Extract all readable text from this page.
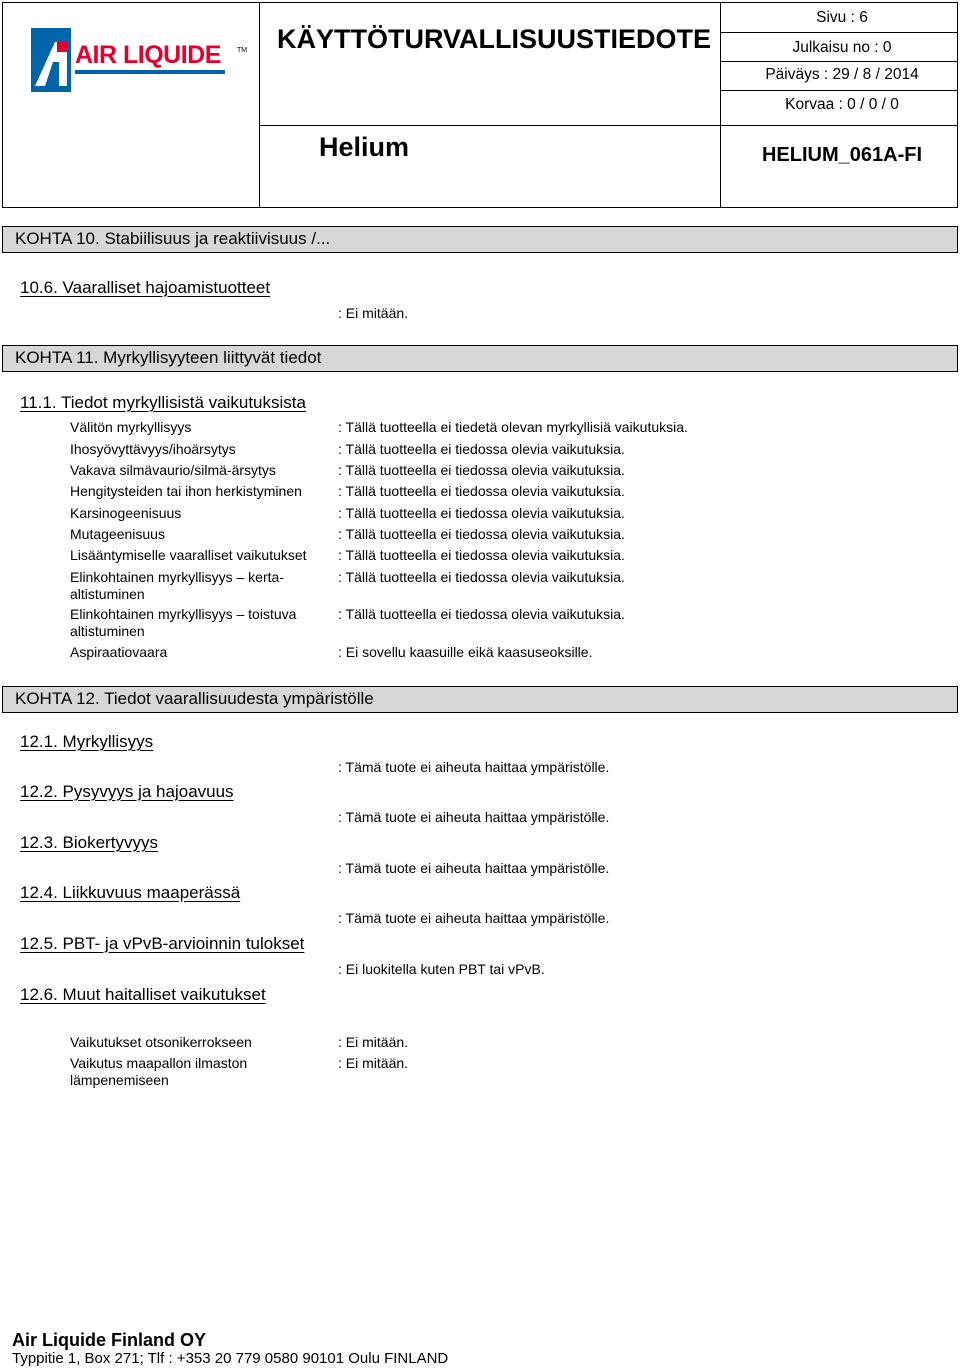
AIR LIQUIDE	TM KÄYTTÖTURVALLISUUSTIEDOTE
Helium
Sivu : 6
Julkaisu no : 0
Päiväys : 29 / 8 / 2014
Korvaa : 0 / 0 / 0
HELIUM_061A-FI
KOHTA 10. Stabiilisuus ja reaktiivisuus /...
10.6. Vaaralliset hajoamistuotteet
: Ei mitään.
KOHTA 11. Myrkyllisyyteen liittyvät tiedot
11.1. Tiedot myrkyllisistä vaikutuksista
Välitön myrkyllisyys	: Tällä tuotteella ei tiedetä olevan myrkyllisiä vaikutuksia.
Ihosyövyttävyys/ihoärsytys	: Tällä tuotteella ei tiedossa olevia vaikutuksia.
Vakava silmävaurio/silmä-ärsytys	: Tällä tuotteella ei tiedossa olevia vaikutuksia.
Hengitysteiden tai ihon herkistyminen	: Tällä tuotteella ei tiedossa olevia vaikutuksia.
Karsinogeenisuus	: Tällä tuotteella ei tiedossa olevia vaikutuksia.
Mutageenisuus	: Tällä tuotteella ei tiedossa olevia vaikutuksia.
Lisääntymiselle vaaralliset vaikutukset	: Tällä tuotteella ei tiedossa olevia vaikutuksia.
Elinkohtainen myrkyllisyys – kerta-altistuminen
: Tällä tuotteella ei tiedossa olevia vaikutuksia.
Elinkohtainen myrkyllisyys – toistuva altistuminen
: Tällä tuotteella ei tiedossa olevia vaikutuksia.
Aspiraatiovaara	: Ei sovellu kaasuille eikä kaasuseoksille.
KOHTA 12. Tiedot vaarallisuudesta ympäristölle
12.1. Myrkyllisyys
: Tämä tuote ei aiheuta haittaa ympäristölle.
12.2. Pysyvyys ja hajoavuus
: Tämä tuote ei aiheuta haittaa ympäristölle.
12.3. Biokertyvyys
: Tämä tuote ei aiheuta haittaa ympäristölle.
12.4. Liikkuvuus maaperässä
: Tämä tuote ei aiheuta haittaa ympäristölle.
12.5. PBT- ja vPvB-arvioinnin tulokset
: Ei luokitella kuten PBT tai vPvB.
12.6. Muut haitalliset vaikutukset
Vaikutukset otsonikerrokseen	: Ei mitään.
Vaikutus maapallon ilmaston lämpenemiseen
: Ei mitään.
Air Liquide Finland OY
Typpitie 1, Box 271; Tlf : +353 20 779 0580 90101 Oulu FINLAND
